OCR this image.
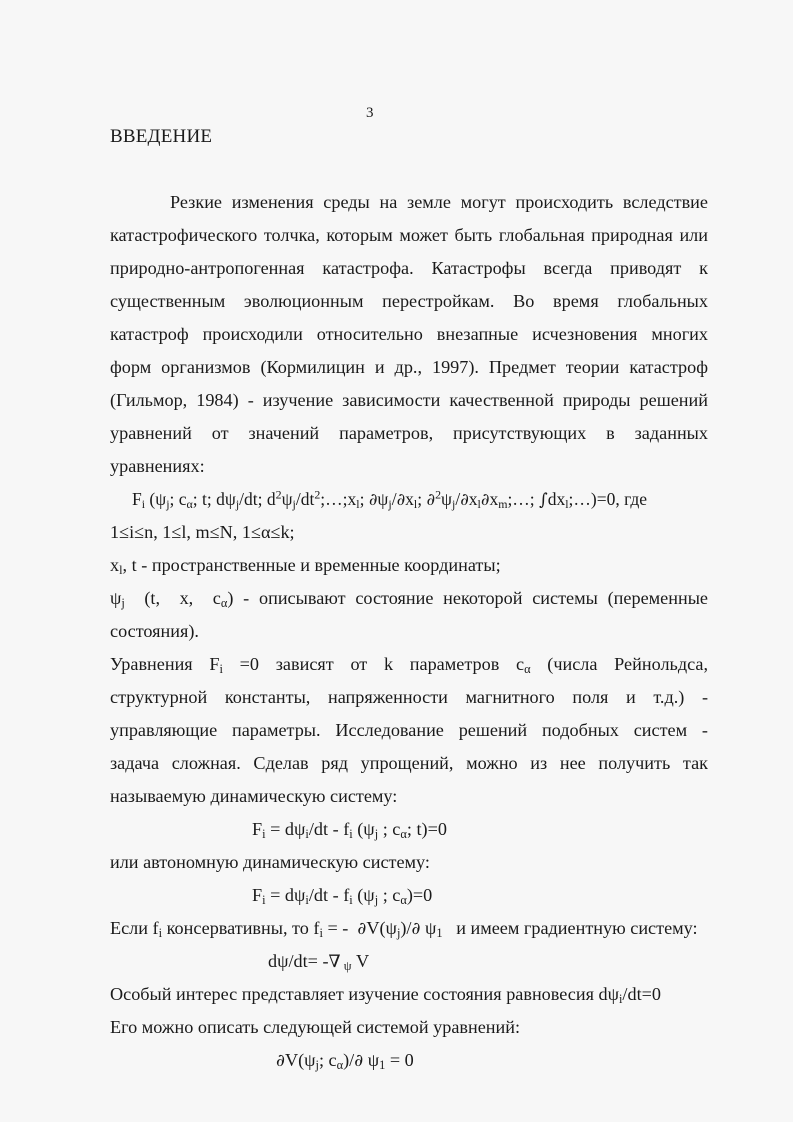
3
ВВЕДЕНИЕ
Резкие изменения среды на земле могут происходить вследствие
катастрофического толчка, которым может быть глобальная природная или
природно-антропогенная катастрофа. Катастрофы всегда приводят к
существенным эволюционным перестройкам. Во время глобальных
катастроф происходили относительно внезапные исчезновения многих
форм организмов (Кормилицин и др., 1997). Предмет теории катастроф
(Гильмор, 1984) - изучение зависимости качественной природы решений
уравнений от значений параметров, присутствующих в заданных
уравнениях:
$F_i$ ($\psi_j$; $c_\alpha$; t; $d\psi_j/dt$; $d^2\psi_j/dt^2;\dots;x_l$; $\partial\psi_j/\partial x_l$; $\partial^2\psi_j/\partial x_l\partial x_m;\dots$; $\int dx_l;\dots)=0$, где
1≤i≤n, 1≤l, m≤N, 1≤α≤k;
$x_l$, t - пространственные и временные координаты;
$\psi_j$  (t,  x,  $c_\alpha$) - описывают состояние некоторой системы (переменные
состояния).
Уравнения $F_i =0$ зависят от k параметров $c_\alpha$ (числа Рейнольдса,
структурной константы, напряженности магнитного поля и т.д.) -
управляющие параметры. Исследование решений подобных систем -
задача сложная. Сделав ряд упрощений, можно из нее получить так
называемую динамическую систему:
$F_i = d\psi_i/dt - f_i$ ($\psi_j$ ; $c_\alpha$; t)=0
или автономную динамическую систему:
$F_i = d\psi_i/dt - f_i$ ($\psi_j$ ; $c_\alpha)=0$
Если $f_i$ консервативны, то $f_i$ = -  $\partial V(\psi_j)/\partial$ $\psi_1$ и имеем градиентную систему:
dψ/dt= -∇ $_\psi$ V
Особый интерес представляет изучение состояния равновесия $d\psi_i/dt=0$
Его можно описать следующей системой уравнений:
$\partial V(\psi_j$; $c_\alpha)/\partial$ $\psi_1 = 0$
